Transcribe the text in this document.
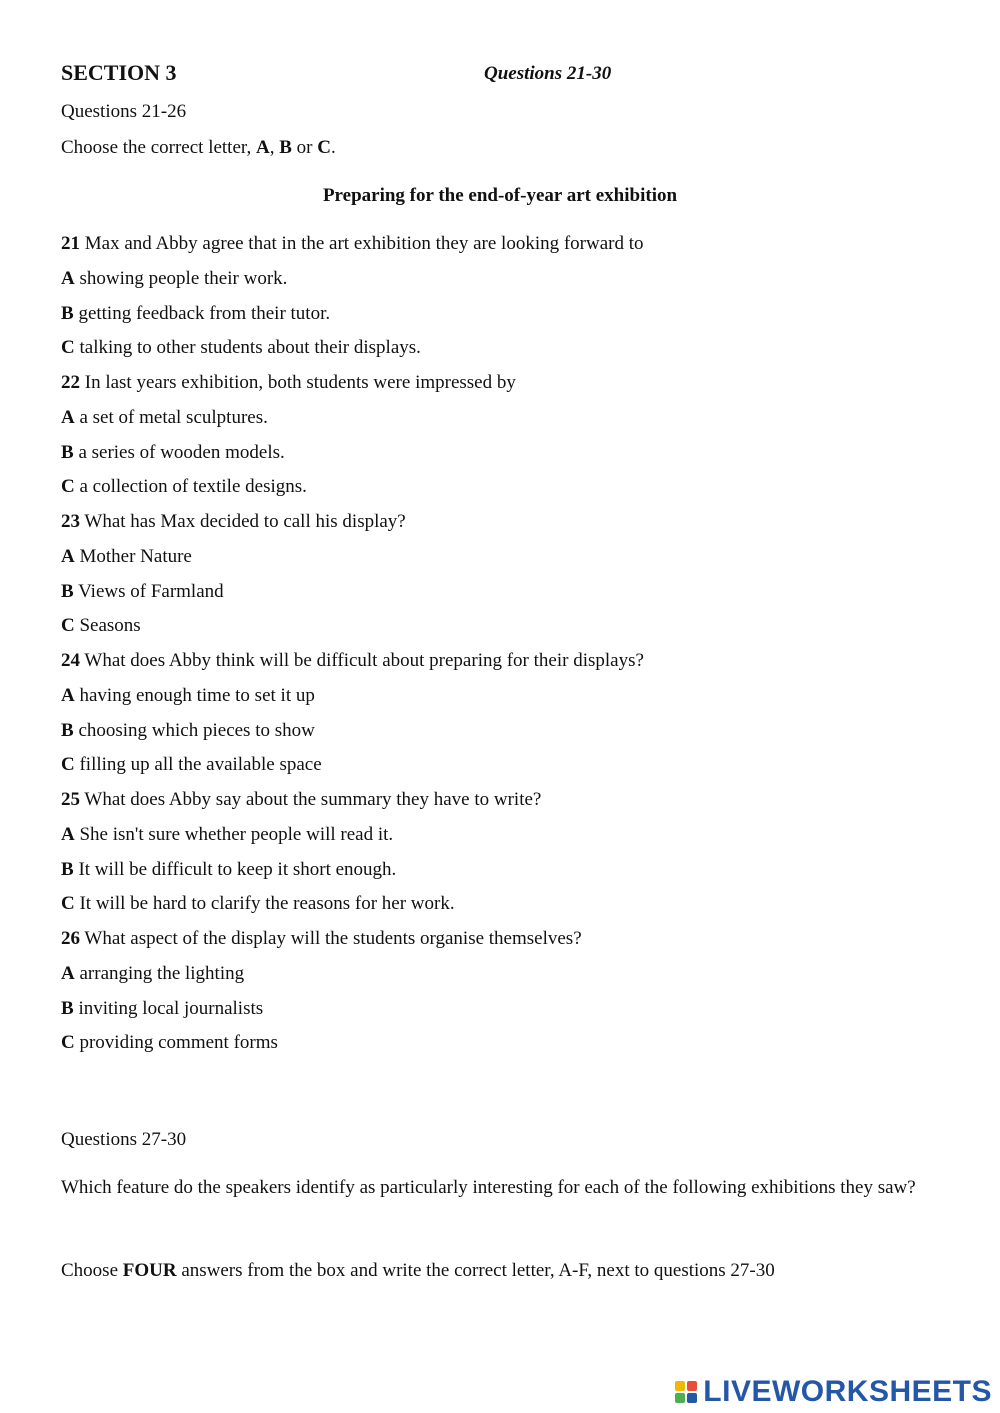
SECTION 3	Questions 21-30
Questions 21-26
Choose the correct letter, A, B or C.
Preparing for the end-of-year art exhibition
21 Max and Abby agree that in the art exhibition they are looking forward to
A showing people their work.
B getting feedback from their tutor.
C talking to other students about their displays.
22 In last years exhibition, both students were impressed by
A a set of metal sculptures.
B a series of wooden models.
C a collection of textile designs.
23 What has Max decided to call his display?
A Mother Nature
B Views of Farmland
C Seasons
24 What does Abby think will be difficult about preparing for their displays?
A having enough time to set it up
B choosing which pieces to show
C filling up all the available space
25 What does Abby say about the summary they have to write?
A She isn't sure whether people will read it.
B It will be difficult to keep it short enough.
C It will be hard to clarify the reasons for her work.
26 What aspect of the display will the students organise themselves?
A arranging the lighting
B inviting local journalists
C providing comment forms
Questions 27-30
Which feature do the speakers identify as particularly interesting for each of the following exhibitions they saw?
Choose FOUR answers from the box and write the correct letter, A-F, next to questions 27-30
LIVEWORKSHEETS
